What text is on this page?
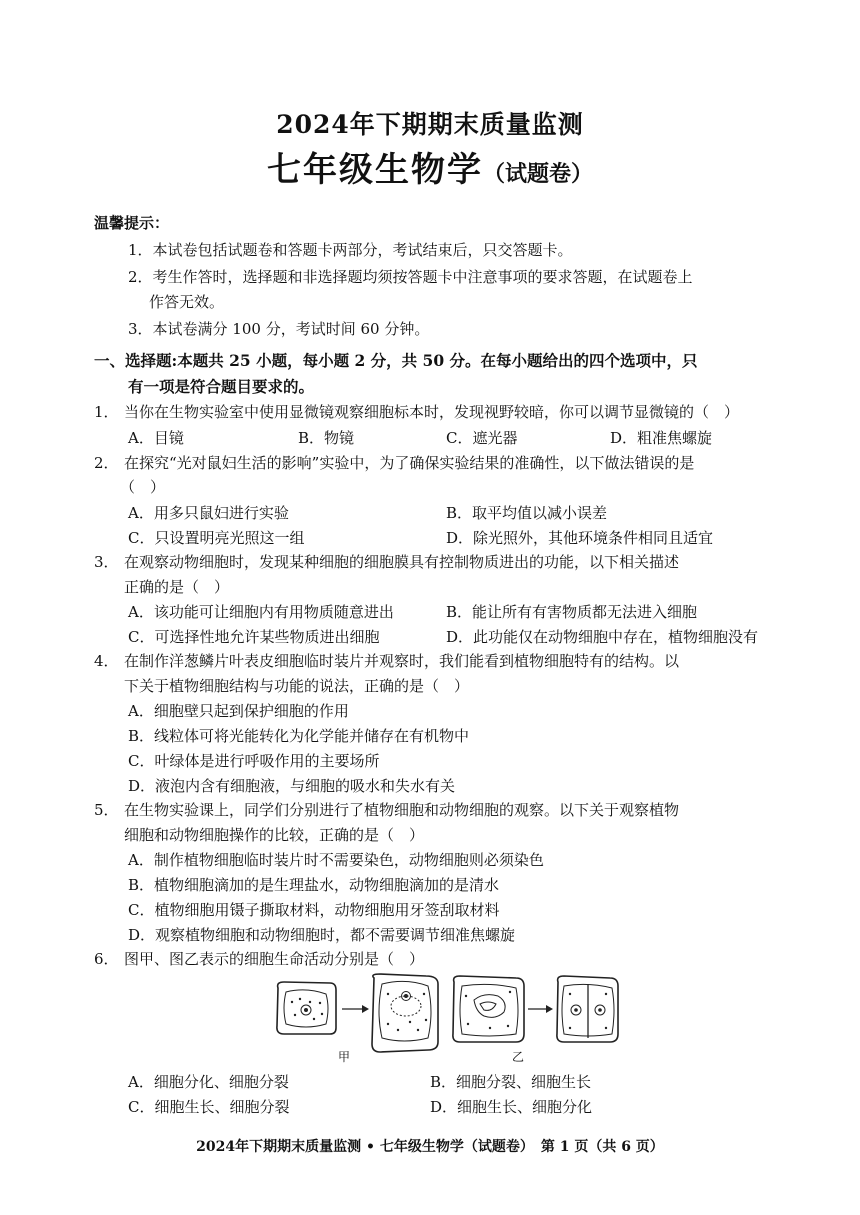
2024年下期期末质量监测
七年级生物学（试题卷）
温馨提示：
1．本试卷包括试题卷和答题卡两部分，考试结束后，只交答题卡。
2．考生作答时，选择题和非选择题均须按答题卡中注意事项的要求答题，在试题卷上
作答无效。
3．本试卷满分 100 分，考试时间 60 分钟。
一、选择题:本题共 25 小题，每小题 2 分，共 50 分。在每小题给出的四个选项中，只
有一项是符合题目要求的。
1． 当你在生物实验室中使用显微镜观察细胞标本时，发现视野较暗，你可以调节显微镜的（　）
A．目镜	B．物镜	C．遮光器	D．粗准焦螺旋
2． 在探究“光对鼠妇生活的影响”实验中，为了确保实验结果的准确性，以下做法错误的是
（　）
A．用多只鼠妇进行实验	B．取平均值以减小误差
C．只设置明亮光照这一组	D．除光照外，其他环境条件相同且适宜
3． 在观察动物细胞时，发现某种细胞的细胞膜具有控制物质进出的功能，以下相关描述
正确的是（　）
A．该功能可让细胞内有用物质随意进出	B．能让所有有害物质都无法进入细胞
C．可选择性地允许某些物质进出细胞	D．此功能仅在动物细胞中存在，植物细胞没有
4． 在制作洋葱鳞片叶表皮细胞临时装片并观察时，我们能看到植物细胞特有的结构。以
下关于植物细胞结构与功能的说法，正确的是（　）
A．细胞壁只起到保护细胞的作用
B．线粒体可将光能转化为化学能并储存在有机物中
C．叶绿体是进行呼吸作用的主要场所
D．液泡内含有细胞液，与细胞的吸水和失水有关
5． 在生物实验课上，同学们分别进行了植物细胞和动物细胞的观察。以下关于观察植物
细胞和动物细胞操作的比较，正确的是（　）
A．制作植物细胞临时装片时不需要染色，动物细胞则必须染色
B．植物细胞滴加的是生理盐水，动物细胞滴加的是清水
C．植物细胞用镊子撕取材料，动物细胞用牙签刮取材料
D．观察植物细胞和动物细胞时，都不需要调节细准焦螺旋
6． 图甲、图乙表示的细胞生命活动分别是（　）
甲	乙
A．细胞分化、细胞分裂	B．细胞分裂、细胞生长
C．细胞生长、细胞分裂	D．细胞生长、细胞分化
2024年下期期末质量监测 • 七年级生物学（试题卷）　第 1 页（共 6 页）
